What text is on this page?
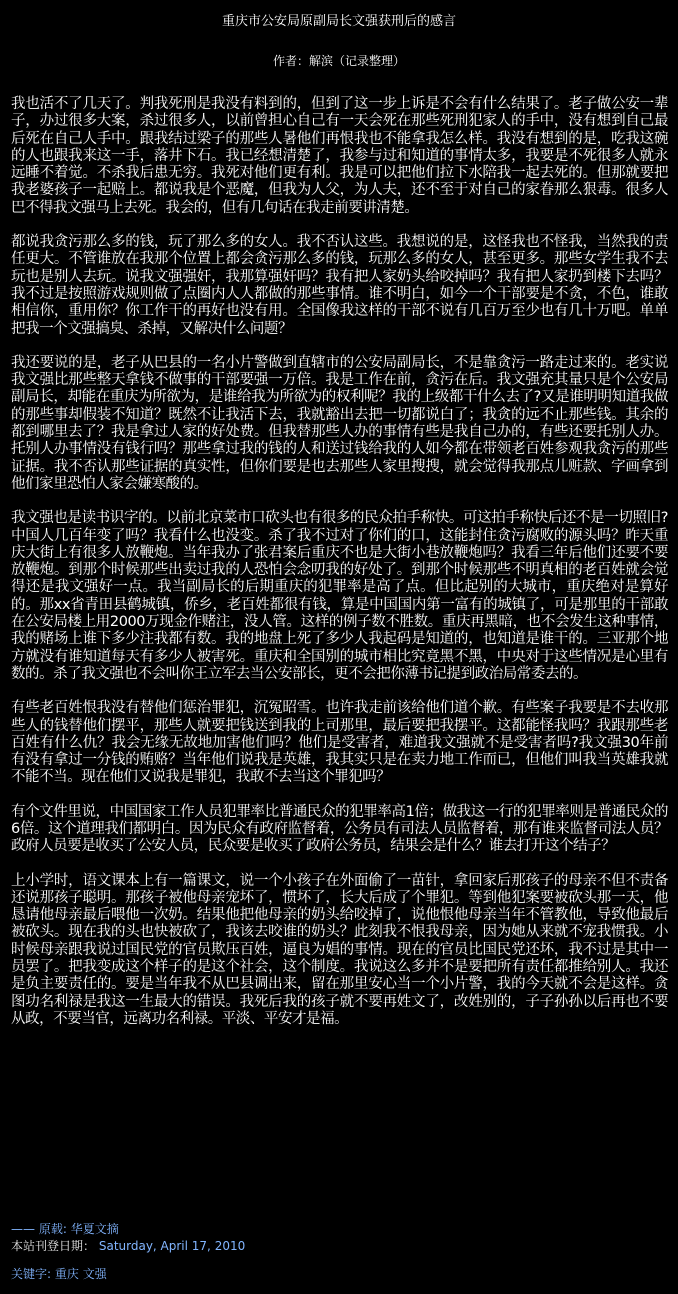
重庆市公安局原副局长文强获刑后的感言
作者：解滨（记录整理）

我也活不了几天了。判我死刑是我没有料到的，但到了这一步上诉是不会有什么结果了。老子做公安一辈子，办过很多大案，杀过很多人，以前曾担心自己有一天会死在那些死刑犯家人的手中，没有想到自己最后死在自己人手中。跟我结过梁子的那些人暑他们再恨我也不能拿我怎么样。我没有想到的是，吃我这碗的人也跟我来这一手，落井下石。我已经想清楚了，我参与过和知道的事情太多，我要是不死很多人就永远睡不着觉。不杀我后患无穷。我死对他们更有利。我是可以把他们拉下水陪我一起去死的。但那就要把我老婆孩子一起赔上。都说我是个恶魔，但我为人父，为人夫，还不至于对自己的家眷那么狠毒。很多人巴不得我文强马上去死。我会的，但有几句话在我走前要讲清楚。

都说我贪污那么多的钱，玩了那么多的女人。我不否认这些。我想说的是，这怪我也不怪我，当然我的责任更大。不管谁放在我那个位置上都会贪污那么多的钱，玩那么多的女人，甚至更多。那些女学生我不去玩也是别人去玩。说我文强强奸，我那算强奸吗？我有把人家奶头给咬掉吗？我有把人家扔到楼下去吗？我不过是按照游戏规则做了点圈内人人都做的那些事情。谁不明白，如今一个干部要是不贪，不色，谁敢相信你，重用你？你工作干的再好也没有用。全国像我这样的干部不说有几百万至少也有几十万吧。单单把我一个文强搞臭、杀掉，又解决什么问题？

我还要说的是，老子从巴县的一名小片警做到直辖市的公安局副局长，不是靠贪污一路走过来的。老实说我文强比那些整天拿钱不做事的干部要强一万倍。我是工作在前，贪污在后。我文强充其量只是个公安局副局长，却能在重庆为所欲为，是谁给我为所欲为的权利呢？我的上级都干什么去了?又是谁明明知道我做的那些事却假装不知道？既然不让我活下去，我就豁出去把一切都说白了；我贪的远不止那些钱。其余的都到哪里去了？我是拿过人家的好处费。但我替那些人办的事情有些是我自己办的，有些还要托别人办。托别人办事情没有钱行吗？那些拿过我的钱的人和送过钱给我的人如今都在带领老百姓参观我贪污的那些证据。我不否认那些证据的真实性，但你们要是也去那些人家里搜搜，就会觉得我那点儿赃款、字画拿到他们家里恐怕人家会嫌寒酸的。

我文强也是读书识字的。以前北京菜市口砍头也有很多的民众拍手称快。可这拍手称快后还不是一切照旧?中国人几百年变了吗？我看什么也没变。杀了我不过对了你们的口，这能封住贪污腐败的源头吗？昨天重庆大街上有很多人放鞭炮。当年我办了张君案后重庆不也是大街小巷放鞭炮吗？我看三年后他们还要不要放鞭炮。到那个时候那些出卖过我的人恐怕会念叨我的好处了。到那个时候那些不明真相的老百姓就会觉得还是我文强好一点。我当副局长的后期重庆的犯罪率是高了点。但比起别的大城市，重庆绝对是算好的。那xx省青田县鹤城镇，侨乡，老百姓都很有钱，算是中国国内第一富有的城镇了，可是那里的干部敢在公安局楼上用2000万现金作赌注，没人管。这样的例子数不胜数。重庆再黑暗，也不会发生这种事情，我的赌场上谁下多少注我都有数。我的地盘上死了多少人我起码是知道的，也知道是谁干的。三亚那个地方就没有谁知道每天有多少人被害死。重庆和全国别的城市相比究竟黑不黑，中央对于这些情况是心里有数的。杀了我文强也不会叫你王立军去当公安部长，更不会把你薄书记提到政治局常委去的。

有些老百姓恨我没有替他们惩治罪犯，沉冤昭雪。也许我走前该给他们道个歉。有些案子我要是不去收那些人的钱替他们摆平，那些人就要把钱送到我的上司那里，最后要把我摆平。这都能怪我吗？我跟那些老百姓有什么仇？我会无缘无故地加害他们吗？他们是受害者，难道我文强就不是受害者吗?我文强30年前有没有拿过一分钱的贿赂？当年他们说我是英雄，我其实只是在卖力地工作而已，但他们叫我当英雄我就不能不当。现在他们又说我是罪犯，我敢不去当这个罪犯吗？

有个文件里说，中国国家工作人员犯罪率比普通民众的犯罪率高1倍；做我这一行的犯罪率则是普通民众的6倍。这个道理我们都明白。因为民众有政府监督着，公务员有司法人员监督着，那有谁来监督司法人员？政府人员要是收买了公安人员，民众要是收买了政府公务员，结果会是什么？谁去打开这个结子？

上小学时，语文课本上有一篇课文，说一个小孩子在外面偷了一苗针，拿回家后那孩子的母亲不但不责备还说那孩子聪明。那孩子被他母亲宠坏了，惯坏了，长大后成了个罪犯。等到他犯案要被砍头那一天，他恳请他母亲最后喂他一次奶。结果他把他母亲的奶头给咬掉了，说他恨他母亲当年不管教他，导致他最后被砍头。现在我的头也快被砍了，我该去咬谁的奶头？此刻我不恨我母亲，因为她从来就不宠我惯我。小时候母亲跟我说过国民党的官员欺压百姓，逼良为娼的事情。现在的官员比国民党还坏，我不过是其中一员罢了。把我变成这个样子的是这个社会，这个制度。我说这么多并不是要把所有责任都推给别人。我还是负主要责任的。要是当年我不从巴县调出来，留在那里安心当一个小片警，我的今天就不会是这样。贪图功名利禄是我这一生最大的错误。我死后我的孩子就不要再姓文了，改姓别的，子子孙孙以后再也不要从政，不要当官，远离功名利禄。平淡、平安才是福。

—— 原载: 华夏文摘
本站刊登日期： Saturday, April 17, 2010
关键字: 重庆 文强
